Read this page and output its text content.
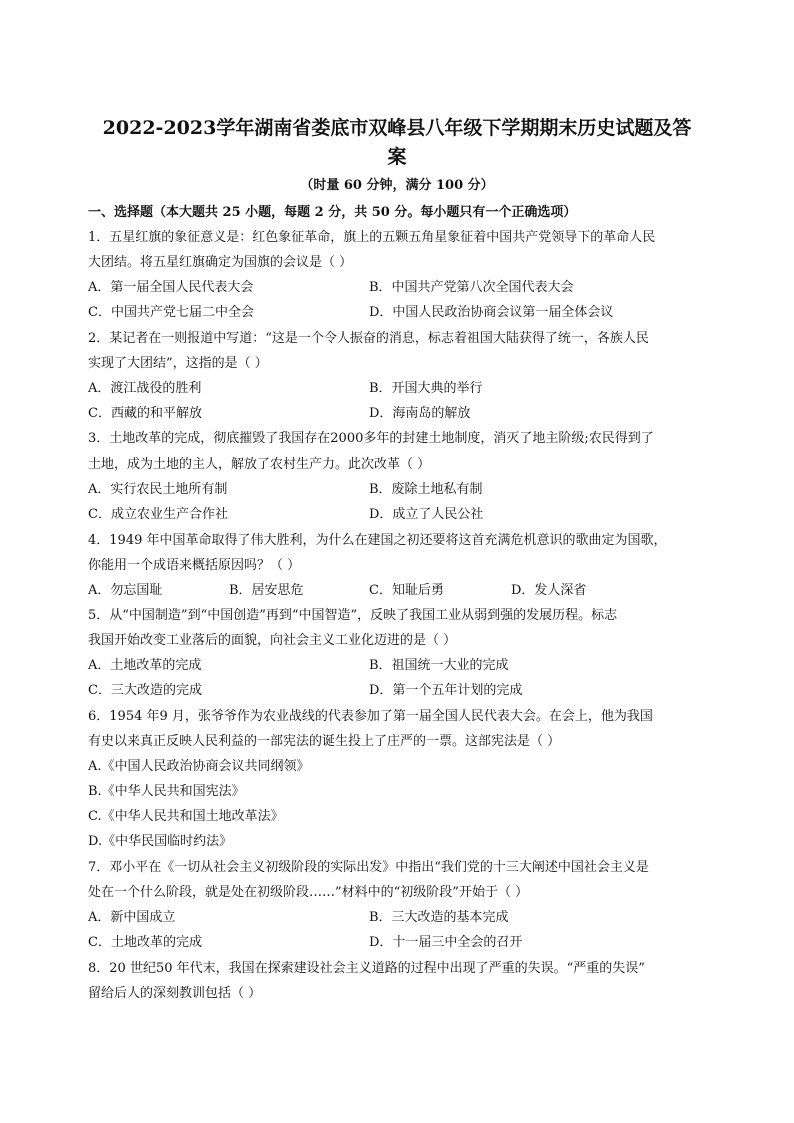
2022-2023学年湖南省娄底市双峰县八年级下学期期末历史试题及答
案
（时量 60 分钟，满分 100 分）
一、选择题（本大题共 25 小题，每题 2 分，共 50 分。每小题只有一个正确选项）
1．五星红旗的象征意义是：红色象征革命，旗上的五颗五角星象征着中国共产党领导下的革命人民
大团结。将五星红旗确定为国旗的会议是（ ）
A．第一届全国人民代表大会	B．中国共产党第八次全国代表大会
C．中国共产党七届二中全会	D．中国人民政治协商会议第一届全体会议
2．某记者在一则报道中写道：“这是一个令人振奋的消息，标志着祖国大陆获得了统一，各族人民
实现了大团结”，这指的是（ ）
A．渡江战役的胜利	B．开国大典的举行
C．西藏的和平解放	D．海南岛的解放
3．土地改革的完成，彻底摧毁了我国存在2000多年的封建土地制度，消灭了地主阶级;农民得到了
土地，成为土地的主人，解放了农村生产力。此次改革（ ）
A．实行农民土地所有制	B．废除土地私有制
C．成立农业生产合作社	D．成立了人民公社
4．1949 年中国革命取得了伟大胜利，为什么在建国之初还要将这首充满危机意识的歌曲定为国歌，
你能用一个成语来概括原因吗？（ ）
A．勿忘国耻	B．居安思危	C．知耻后勇	D．发人深省
5．从“中国制造”到“中国创造”再到“中国智造”，反映了我国工业从弱到强的发展历程。标志
我国开始改变工业落后的面貌，向社会主义工业化迈进的是（ ）
A．土地改革的完成	B．祖国统一大业的完成
C．三大改造的完成	D．第一个五年计划的完成
6．1954 年9 月，张爷爷作为农业战线的代表参加了第一届全国人民代表大会。在会上，他为我国
有史以来真正反映人民利益的一部宪法的诞生投上了庄严的一票。这部宪法是（ ）
A.《中国人民政治协商会议共同纲领》
B.《中华人民共和国宪法》
C.《中华人民共和国土地改革法》
D.《中华民国临时约法》
7．邓小平在《一切从社会主义初级阶段的实际出发》中指出“我们党的十三大阐述中国社会主义是
处在一个什么阶段，就是处在初级阶段……”材料中的“初级阶段”开始于（ ）
A．新中国成立	B．三大改造的基本完成
C．土地改革的完成	D．十一届三中全会的召开
8．20 世纪50 年代末，我国在探索建设社会主义道路的过程中出现了严重的失误。“严重的失误”
留给后人的深刻教训包括（ ）
